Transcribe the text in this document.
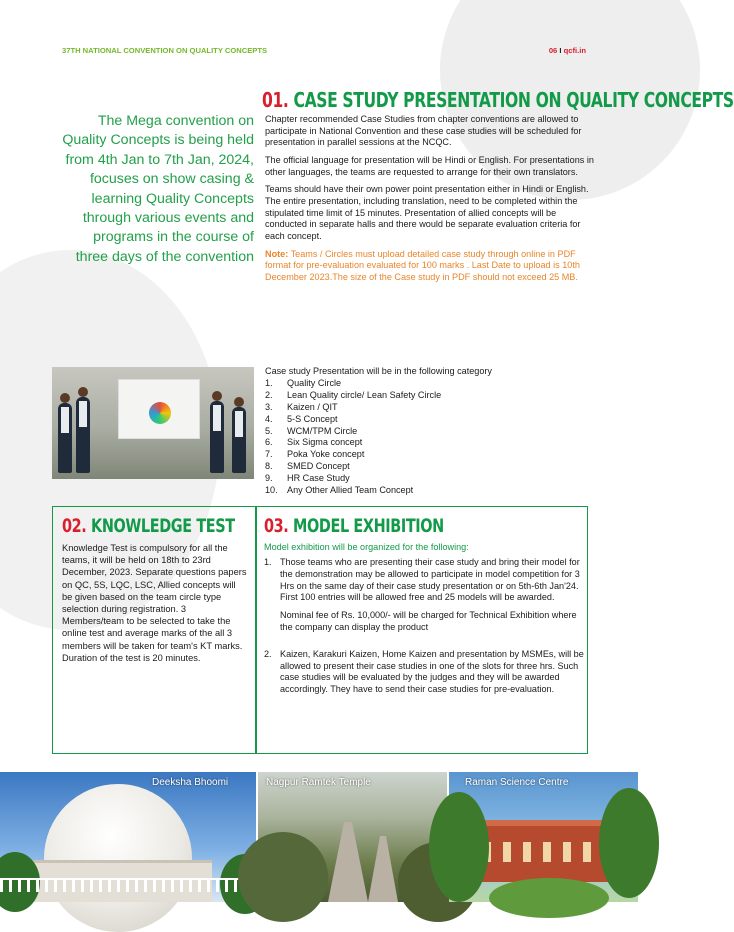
37TH NATIONAL CONVENTION ON QUALITY CONCEPTS	06 I qcfi.in
The Mega convention on Quality Concepts is being held from 4th Jan to 7th Jan, 2024, focuses on show casing & learning Quality Concepts through various events and programs in the course of three days of the convention
01. CASE STUDY PRESENTATION ON QUALITY CONCEPTS

Chapter recommended Case Studies from chapter conventions are allowed to participate in National Convention and these case studies will be scheduled for presentation in parallel sessions at the NCQC.

The official language for presentation will be Hindi or English. For presentations in other languages, the teams are requested to arrange for their own translators.

Teams should have their own power point presentation either in Hindi or English. The entire presentation, including translation, need to be completed within the stipulated time limit of 15 minutes. Presentation of allied concepts will be conducted in separate halls and there would be separate evaluation criteria for each concept.

Note: Teams / Circles must upload detailed case study through online in PDF format for pre-evaluation evaluated for 100 marks . Last Date to upload is 10th December 2023.The size of the Case study in PDF should not exceed 25 MB.

Case study Presentation will be in the following category
1.	Quality Circle
2.	Lean Quality circle/ Lean Safety Circle
3.	Kaizen / QIT
4.	5-S Concept
5.	WCM/TPM Circle
6.	Six Sigma concept
7.	Poka Yoke concept
8.	SMED Concept
9.	HR Case Study
10.	Any Other Allied Team Concept
02. KNOWLEDGE TEST
Knowledge Test is compulsory for all the teams, it will be held on 18th to 23rd December, 2023. Separate questions papers on QC, 5S, LQC, LSC, Allied concepts will be given based on the team circle type selection during registration. 3 Members/team to be selected to take the online test and average marks of the all 3 members will be taken for team's KT marks. Duration of the test is 20 minutes.
03. MODEL EXHIBITION
Model exhibition will be organized for the following:
1. Those teams who are presenting their case study and bring their model for the demonstration may be allowed to participate in model competition for 3 Hrs on the same day of their case study presentation or on 5th-6th Jan'24. First 100 entries will be allowed free and 25 models will be awarded.

Nominal fee of Rs. 10,000/- will be charged for Technical Exhibition where the company can display the product

2. Kaizen, Karakuri Kaizen, Home Kaizen and presentation by MSMEs, will be allowed to present their case studies in one of the slots for three hrs. Such case studies will be evaluated by the judges and they will be awarded accordingly. They have to send their case studies for pre-evaluation.

Deeksha Bhoomi	Nagpur Ramtek Temple	Raman Science Centre
